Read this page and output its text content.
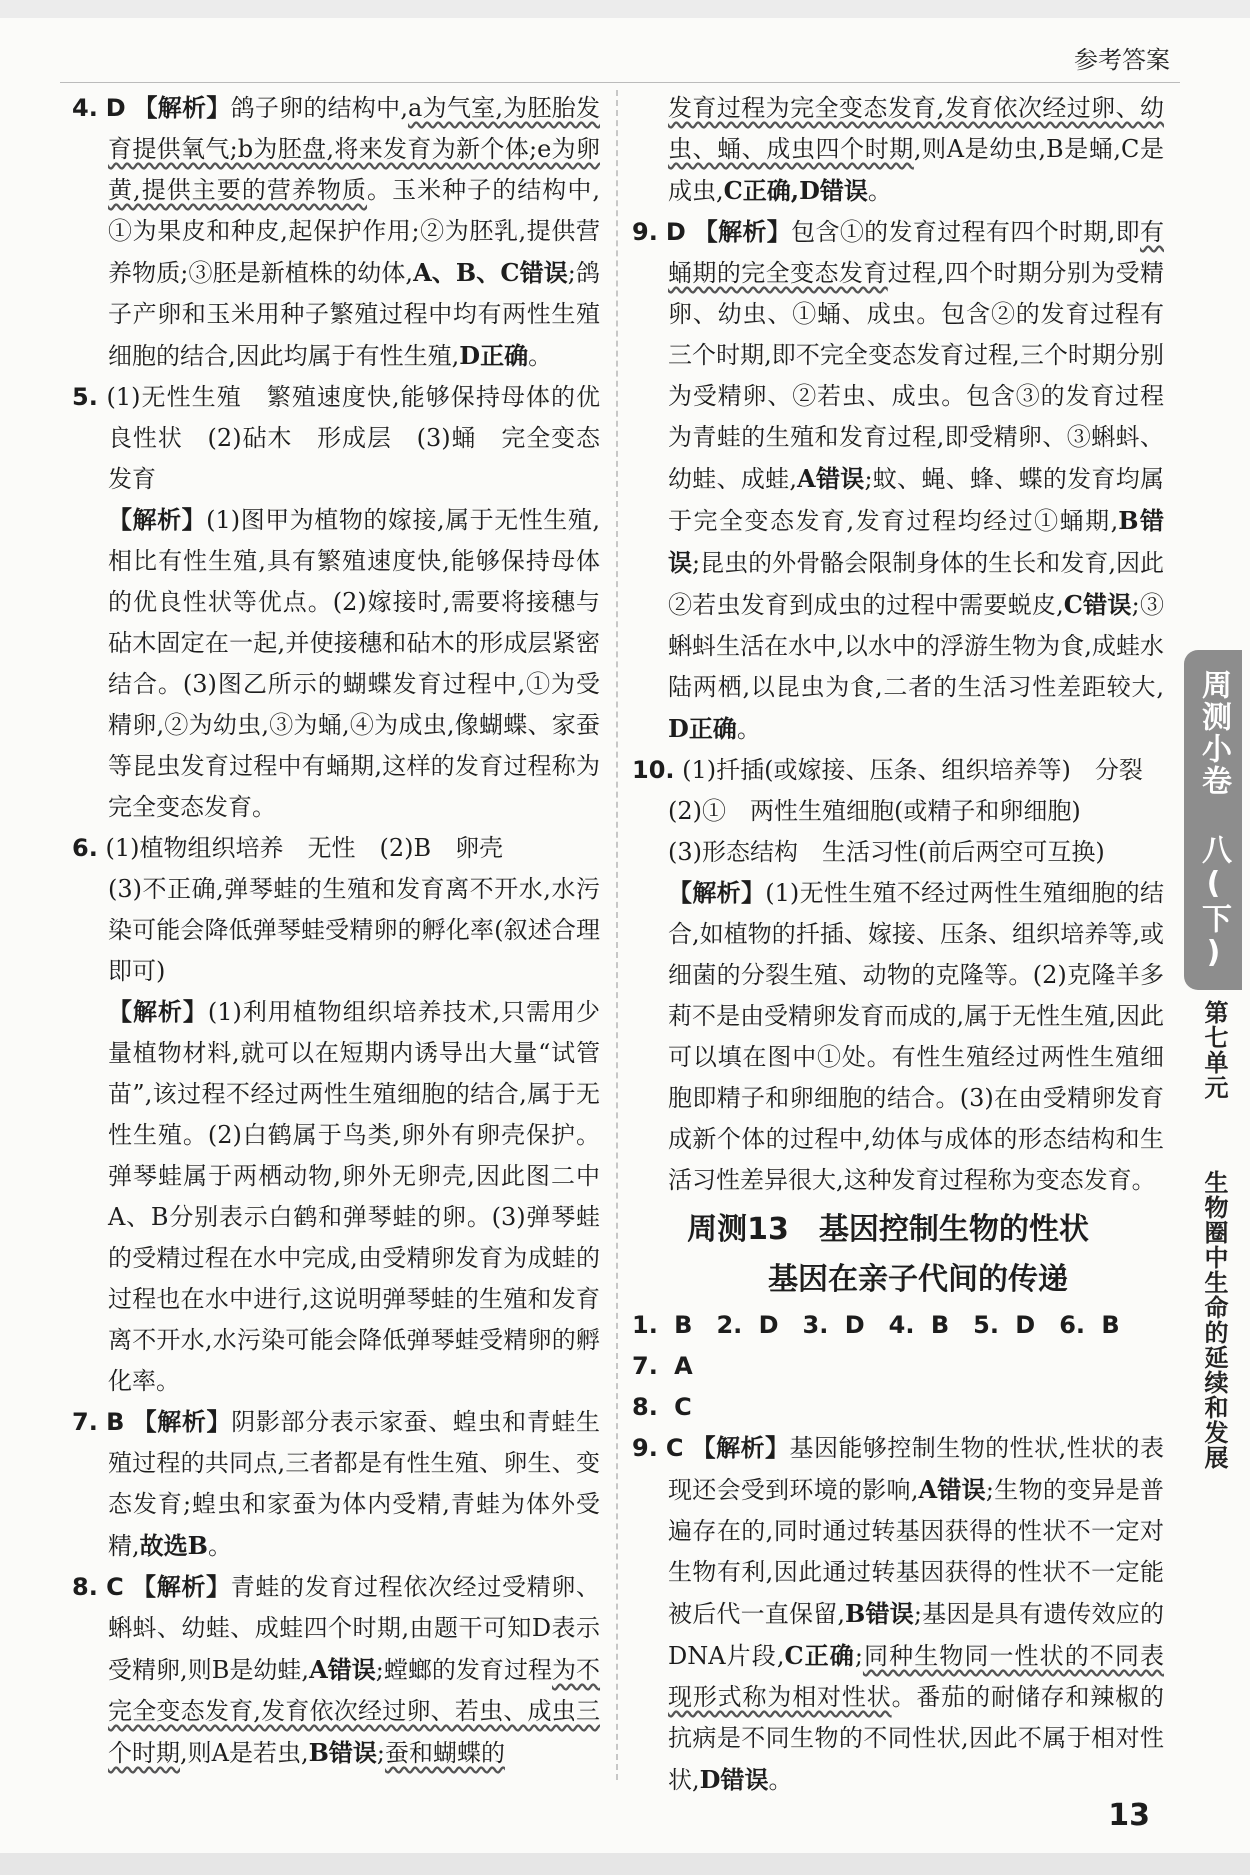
参考答案

4. D 【解析】鸽子卵的结构中,a为气室,为胚胎发育提供氧气;b为胚盘,将来发育为新个体;e为卵黄,提供主要的营养物质。玉米种子的结构中,①为果皮和种皮,起保护作用;②为胚乳,提供营养物质;③胚是新植株的幼体,A、B、C错误;鸽子产卵和玉米用种子繁殖过程中均有两性生殖细胞的结合,因此均属于有性生殖,D正确。

5. (1)无性生殖　繁殖速度快,能够保持母体的优良性状　(2)砧木　形成层　(3)蛹　完全变态发育

【解析】(1)图甲为植物的嫁接,属于无性生殖,相比有性生殖,具有繁殖速度快,能够保持母体的优良性状等优点。(2)嫁接时,需要将接穗与砧木固定在一起,并使接穗和砧木的形成层紧密结合。(3)图乙所示的蝴蝶发育过程中,①为受精卵,②为幼虫,③为蛹,④为成虫,像蝴蝶、家蚕等昆虫发育过程中有蛹期,这样的发育过程称为完全变态发育。

6. (1)植物组织培养　无性　(2)B　卵壳

(3)不正确,弹琴蛙的生殖和发育离不开水,水污染可能会降低弹琴蛙受精卵的孵化率(叙述合理即可)

【解析】(1)利用植物组织培养技术,只需用少量植物材料,就可以在短期内诱导出大量“试管苗”,该过程不经过两性生殖细胞的结合,属于无性生殖。(2)白鹤属于鸟类,卵外有卵壳保护。弹琴蛙属于两栖动物,卵外无卵壳,因此图二中A、B分别表示白鹤和弹琴蛙的卵。(3)弹琴蛙的受精过程在水中完成,由受精卵发育为成蛙的过程也在水中进行,这说明弹琴蛙的生殖和发育离不开水,水污染可能会降低弹琴蛙受精卵的孵化率。

7. B 【解析】阴影部分表示家蚕、蝗虫和青蛙生殖过程的共同点,三者都是有性生殖、卵生、变态发育;蝗虫和家蚕为体内受精,青蛙为体外受精,故选B。

8. C 【解析】青蛙的发育过程依次经过受精卵、蝌蚪、幼蛙、成蛙四个时期,由题干可知D表示受精卵,则B是幼蛙,A错误;螳螂的发育过程为不完全变态发育,发育依次经过卵、若虫、成虫三个时期,则A是若虫,B错误;蚕和蝴蝶的

发育过程为完全变态发育,发育依次经过卵、幼虫、蛹、成虫四个时期,则A是幼虫,B是蛹,C是成虫,C正确,D错误。

9. D 【解析】包含①的发育过程有四个时期,即有蛹期的完全变态发育过程,四个时期分别为受精卵、幼虫、①蛹、成虫。包含②的发育过程有三个时期,即不完全变态发育过程,三个时期分别为受精卵、②若虫、成虫。包含③的发育过程为青蛙的生殖和发育过程,即受精卵、③蝌蚪、幼蛙、成蛙,A错误;蚊、蝇、蜂、蝶的发育均属于完全变态发育,发育过程均经过①蛹期,B错误;昆虫的外骨骼会限制身体的生长和发育,因此②若虫发育到成虫的过程中需要蜕皮,C错误;③蝌蚪生活在水中,以水中的浮游生物为食,成蛙水陆两栖,以昆虫为食,二者的生活习性差距较大,D正确。

10. (1)扦插(或嫁接、压条、组织培养等)　分裂

(2)①　两性生殖细胞(或精子和卵细胞)

(3)形态结构　生活习性(前后两空可互换)

【解析】(1)无性生殖不经过两性生殖细胞的结合,如植物的扦插、嫁接、压条、组织培养等,或细菌的分裂生殖、动物的克隆等。(2)克隆羊多莉不是由受精卵发育而成的,属于无性生殖,因此可以填在图中①处。有性生殖经过两性生殖细胞即精子和卵细胞的结合。(3)在由受精卵发育成新个体的过程中,幼体与成体的形态结构和生活习性差异很大,这种发育过程称为变态发育。

周测13　基因控制生物的性状
基因在亲子代间的传递

1. B　2. D　3. D　4. B　5. D　6. B　7. A

8. C

9. C 【解析】基因能够控制生物的性状,性状的表现还会受到环境的影响,A错误;生物的变异是普遍存在的,同时通过转基因获得的性状不一定对生物有利,因此通过转基因获得的性状不一定能被后代一直保留,B错误;基因是具有遗传效应的DNA片段,C正确;同种生物同一性状的不同表现形式称为相对性状。番茄的耐储存和辣椒的抗病是不同生物的不同性状,因此不属于相对性状,D错误。

周测小卷 八(下)
第七单元
生物圈中生命的延续和发展
13
